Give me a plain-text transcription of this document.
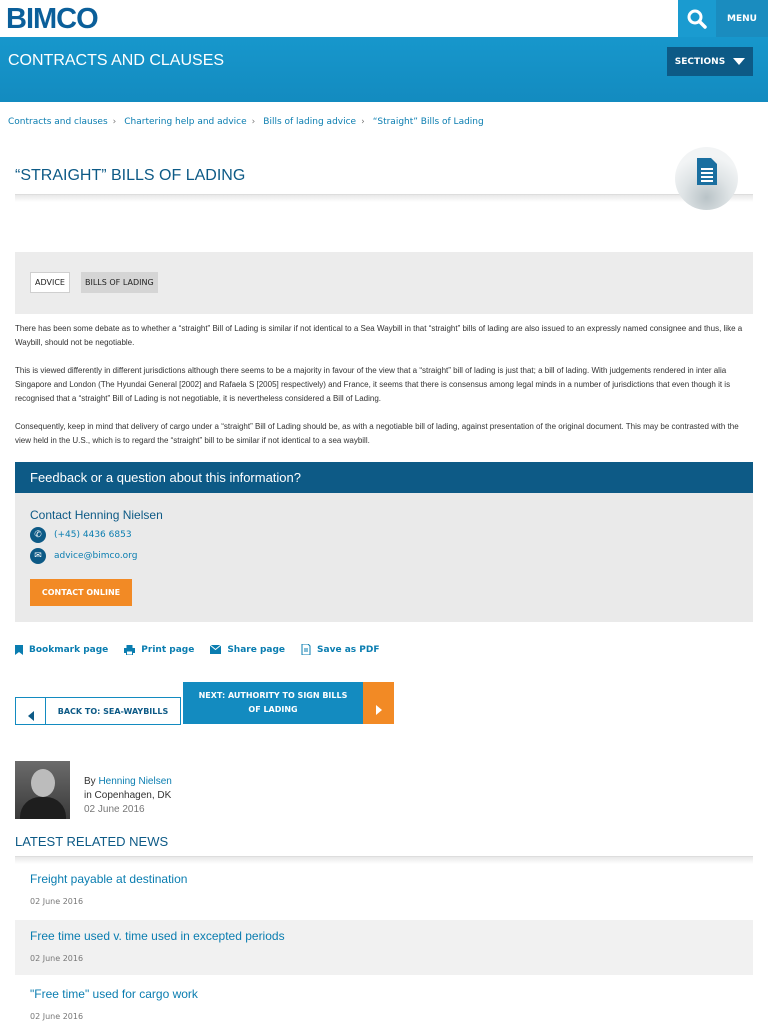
BIMCO	MENU
CONTRACTS AND CLAUSES	SECTIONS
Contracts and clauses › Chartering help and advice › Bills of lading advice › “Straight” Bills of Lading
“STRAIGHT” BILLS OF LADING
ADVICE	BILLS OF LADING
There has been some debate as to whether a “straight” Bill of Lading is similar if not identical to a Sea Waybill in that “straight” bills of lading are also issued to an expressly named consignee and thus, like a Waybill, should not be negotiable.
This is viewed differently in different jurisdictions although there seems to be a majority in favour of the view that a “straight” bill of lading is just that; a bill of lading. With judgements rendered in inter alia Singapore and London (The Hyundai General [2002] and Rafaela S [2005] respectively) and France, it seems that there is consensus among legal minds in a number of jurisdictions that even though it is recognised that a “straight” Bill of Lading is not negotiable, it is nevertheless considered a Bill of Lading.
Consequently, keep in mind that delivery of cargo under a “straight” Bill of Lading should be, as with a negotiable bill of lading, against presentation of the original document. This may be contrasted with the view held in the U.S., which is to regard the “straight” bill to be similar if not identical to a sea waybill.
Feedback or a question about this information?
Contact Henning Nielsen
✆	(+45) 4436 6853
✉	advice@bimco.org
CONTACT ONLINE
Bookmark page	Print page	Share page	Save as PDF
BACK TO: SEA-WAYBILLS
NEXT: AUTHORITY TO SIGN BILLS OF LADING
By Henning Nielsen
in Copenhagen, DK
02 June 2016
LATEST RELATED NEWS
Freight payable at destination
02 June 2016
Free time used v. time used in excepted periods
02 June 2016
"Free time" used for cargo work
02 June 2016
